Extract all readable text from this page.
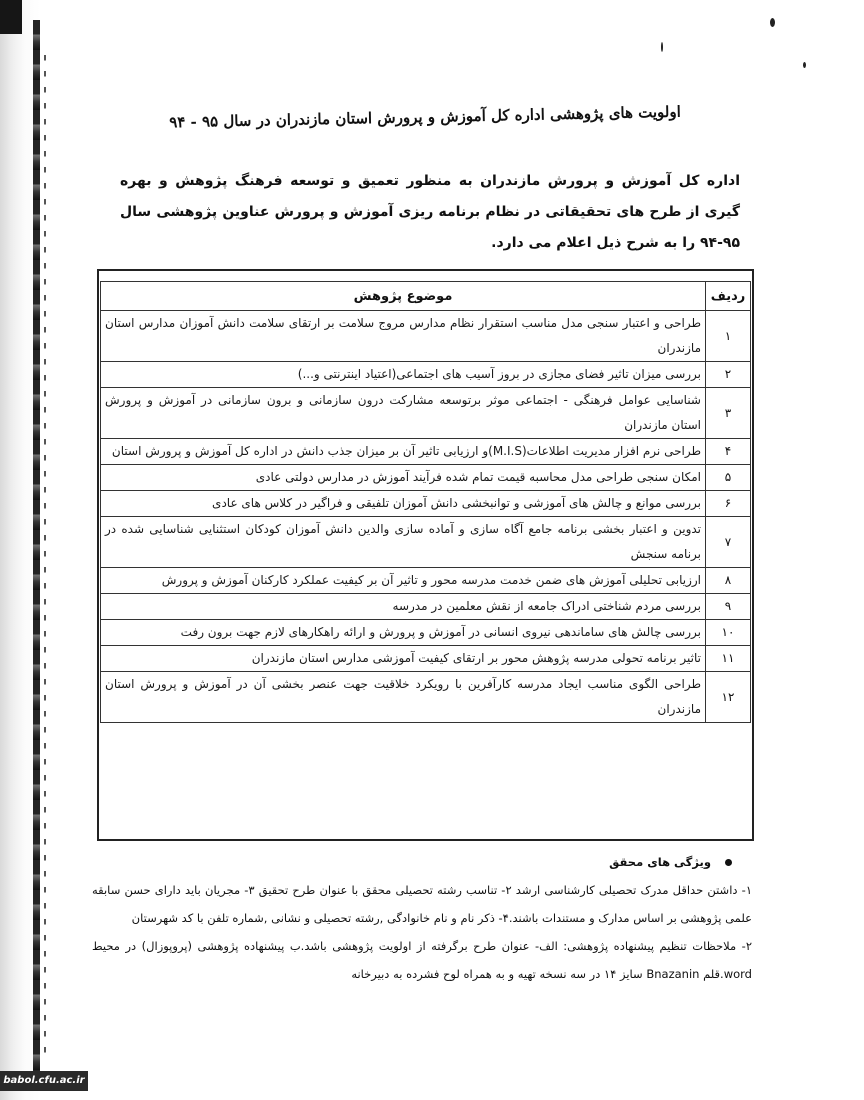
اولویت های پژوهشی اداره کل آموزش و پرورش استان مازندران در سال ۹۵ - ۹۴
اداره کل آموزش و پرورش مازندران به منظور تعمیق و توسعه فرهنگ پژوهش و بهره گیری از طرح های تحقیقاتی در نظام برنامه ریزی آموزش و پرورش عناوین پژوهشی سال ۹۵-۹۴ را به شرح ذیل اعلام می دارد.
ردیف	موضوع پژوهش
۱	طراحی و اعتبار سنجی مدل مناسب استقرار نظام مدارس مروج سلامت بر ارتقای سلامت دانش آموزان مدارس استان مازندران
۲	بررسی میزان تاثیر فضای مجازی در بروز آسیب های اجتماعی(اعتیاد اینترنتی و...)
۳	شناسایی عوامل فرهنگی - اجتماعی موثر برتوسعه مشارکت درون سازمانی و برون سازمانی در آموزش و پرورش استان مازندران
۴	طراحی نرم افزار مدیریت اطلاعات(M.I.S)و ارزیابی تاثیر آن بر میزان جذب دانش در اداره کل آموزش و پرورش استان
۵	امکان سنجی طراحی مدل محاسبه قیمت تمام شده فرآیند آموزش در مدارس دولتی عادی
۶	بررسی موانع و چالش های آموزشی و توانبخشی دانش آموزان تلفیقی و فراگیر در کلاس های عادی
۷	تدوین و اعتبار بخشی برنامه جامع آگاه سازی و آماده سازی والدین دانش آموزان کودکان استثنایی شناسایی شده در برنامه سنجش
۸	ارزیابی تحلیلی آموزش های ضمن خدمت مدرسه محور و تاثیر آن بر کیفیت عملکرد کارکنان آموزش و پرورش
۹	بررسی مردم شناختی ادراک جامعه از نقش معلمین در مدرسه
۱۰	بررسی چالش های ساماندهی نیروی انسانی در آموزش و پرورش و ارائه راهکارهای لازم جهت برون رفت
۱۱	تاثیر برنامه تحولی مدرسه پژوهش محور بر ارتقای کیفیت آموزشی مدارس استان مازندران
۱۲	طراحی الگوی مناسب ایجاد مدرسه کارآفرین با رویکرد خلاقیت جهت عنصر بخشی آن در آموزش و پرورش استان مازندران
ویژگی های محقق

۱- داشتن حداقل مدرک تحصیلی کارشناسی ارشد ۲- تناسب رشته تحصیلی محقق با عنوان طرح تحقیق ۳- مجریان باید دارای حسن سابقه علمی پژوهشی بر اساس مدارک و مستندات باشند.۴- ذکر نام و نام خانوادگی ,رشته تحصیلی و نشانی ,شماره تلفن با کد شهرستان

۲- ملاحظات تنظیم پیشنهاده پژوهشی: الف- عنوان طرح برگرفته از اولویت پژوهشی باشد.ب پیشنهاده پژوهشی (پروپوزال) در محیط word.قلم Bnazanin سایز ۱۴ در سه نسخه تهیه و به همراه لوح فشرده به دبیرخانه

babol.cfu.ac.ir
